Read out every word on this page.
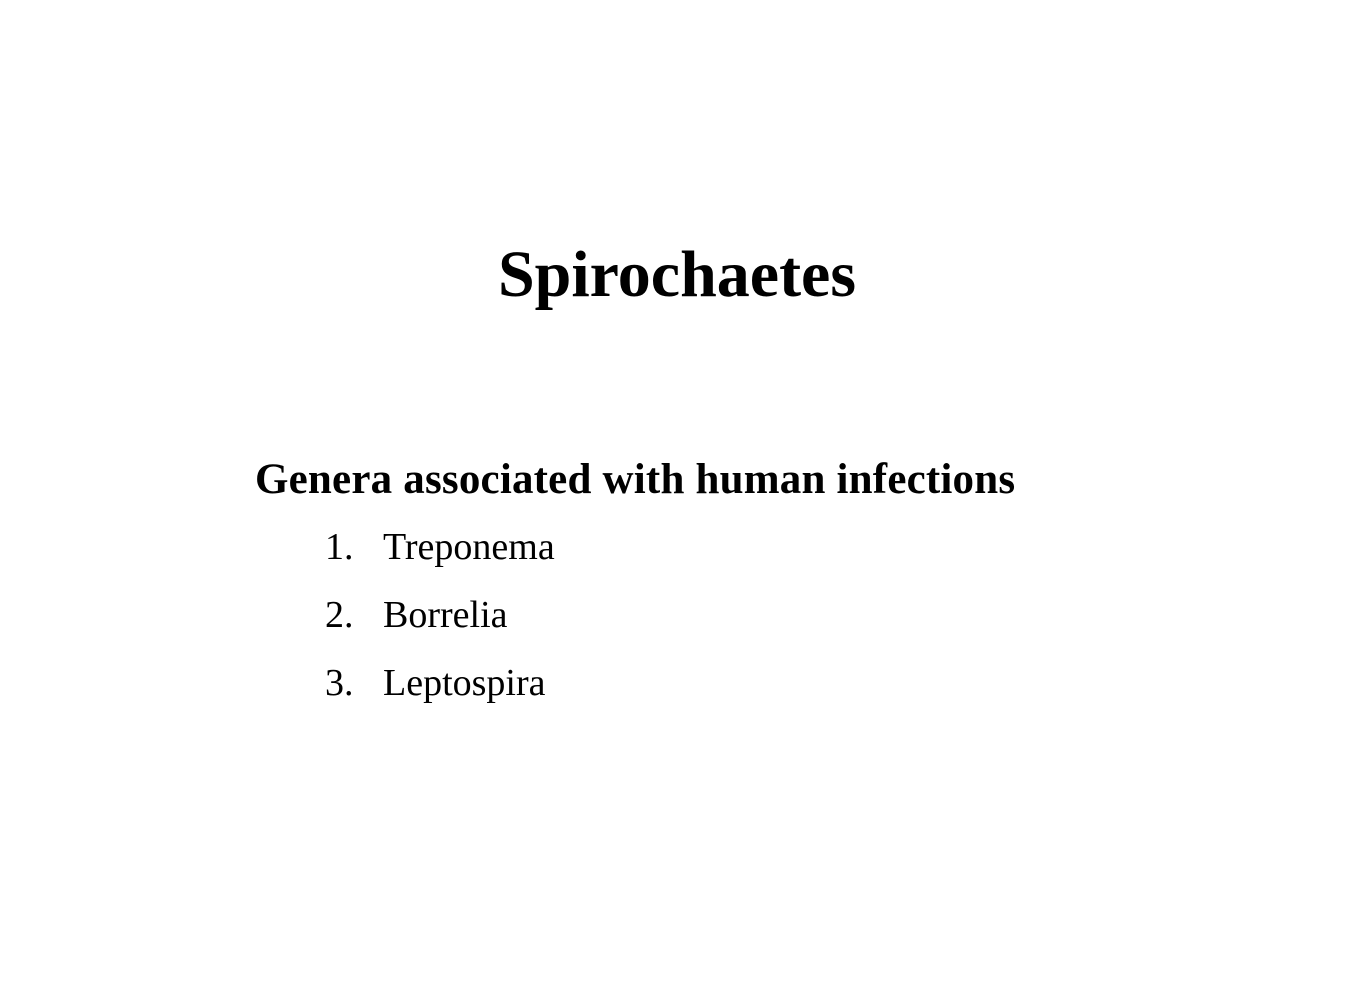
Spirochaetes
Genera associated with human infections
Treponema
Borrelia
Leptospira
